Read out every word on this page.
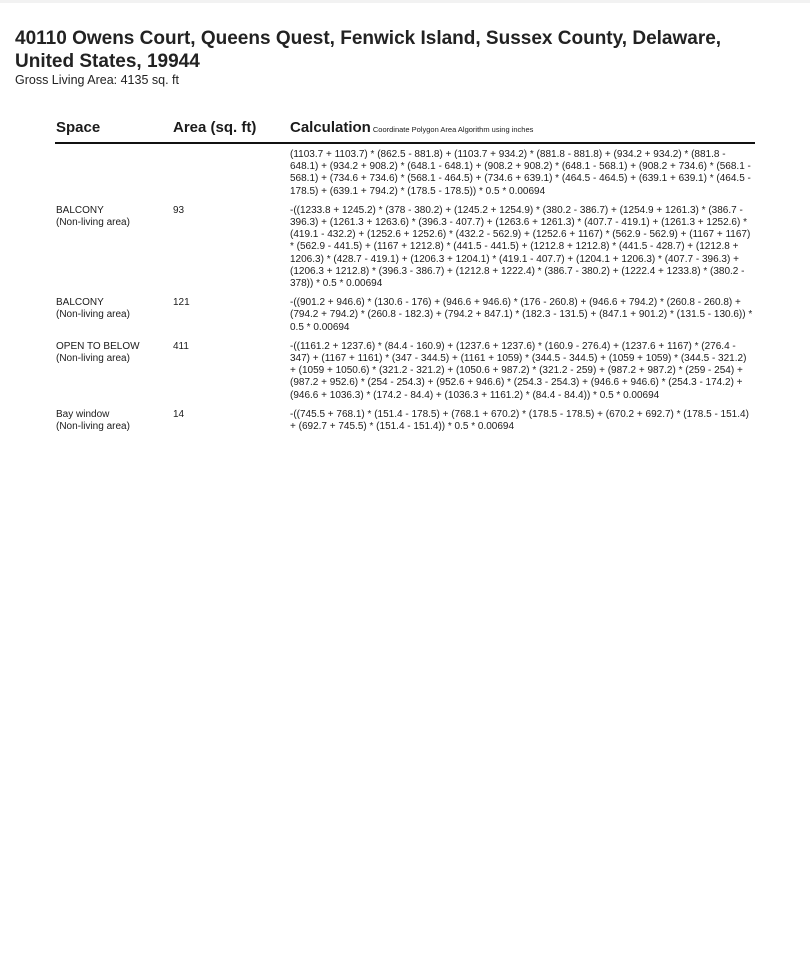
40110 Owens Court, Queens Quest, Fenwick Island, Sussex County, Delaware, United States, 19944
Gross Living Area: 4135 sq. ft
Space	Area (sq. ft) Calculation Coordinate Polygon Area Algorithm using inches
(1103.7 + 1103.7) * (862.5 - 881.8) + (1103.7 + 934.2) * (881.8 - 881.8) + (934.2 + 934.2) * (881.8 - 648.1) + (934.2 + 908.2) * (648.1 - 648.1) + (908.2 + 908.2) * (648.1 - 568.1) + (908.2 + 734.6) * (568.1 - 568.1) + (734.6 + 734.6) * (568.1 - 464.5) + (734.6 + 639.1) * (464.5 - 464.5) + (639.1 + 639.1) * (464.5 - 178.5) + (639.1 + 794.2) * (178.5 - 178.5)) * 0.5 * 0.00694
BALCONY
(Non-living area)
93	-((1233.8 + 1245.2) * (378 - 380.2) + (1245.2 + 1254.9) * (380.2 - 386.7) + (1254.9 + 1261.3) * (386.7 - 396.3) + (1261.3 + 1263.6) * (396.3 - 407.7) + (1263.6 + 1261.3) * (407.7 - 419.1) + (1261.3 + 1252.6) * (419.1 - 432.2) + (1252.6 + 1252.6) * (432.2 - 562.9) + (1252.6 + 1167) * (562.9 - 562.9) + (1167 + 1167) * (562.9 - 441.5) + (1167 + 1212.8) * (441.5 - 441.5) + (1212.8 + 1212.8) * (441.5 - 428.7) + (1212.8 + 1206.3) * (428.7 - 419.1) + (1206.3 + 1204.1) * (419.1 - 407.7) + (1204.1 + 1206.3) * (407.7 - 396.3) + (1206.3 + 1212.8) * (396.3 - 386.7) + (1212.8 + 1222.4) * (386.7 - 380.2) + (1222.4 + 1233.8) * (380.2 - 378)) * 0.5 * 0.00694
BALCONY
(Non-living area)
121	-((901.2 + 946.6) * (130.6 - 176) + (946.6 + 946.6) * (176 - 260.8) + (946.6 + 794.2) * (260.8 - 260.8) + (794.2 + 794.2) * (260.8 - 182.3) + (794.2 + 847.1) * (182.3 - 131.5) + (847.1 + 901.2) * (131.5 - 130.6)) * 0.5 * 0.00694
OPEN TO BELOW
(Non-living area)
411	-((1161.2 + 1237.6) * (84.4 - 160.9) + (1237.6 + 1237.6) * (160.9 - 276.4) + (1237.6 + 1167) * (276.4 - 347) + (1167 + 1161) * (347 - 344.5) + (1161 + 1059) * (344.5 - 344.5) + (1059 + 1059) * (344.5 - 321.2) + (1059 + 1050.6) * (321.2 - 321.2) + (1050.6 + 987.2) * (321.2 - 259) + (987.2 + 987.2) * (259 - 254) + (987.2 + 952.6) * (254 - 254.3) + (952.6 + 946.6) * (254.3 - 254.3) + (946.6 + 946.6) * (254.3 - 174.2) + (946.6 + 1036.3) * (174.2 - 84.4) + (1036.3 + 1161.2) * (84.4 - 84.4)) * 0.5 * 0.00694
Bay window
(Non-living area)
14	-((745.5 + 768.1) * (151.4 - 178.5) + (768.1 + 670.2) * (178.5 - 178.5) + (670.2 + 692.7) * (178.5 - 151.4) + (692.7 + 745.5) * (151.4 - 151.4)) * 0.5 * 0.00694
